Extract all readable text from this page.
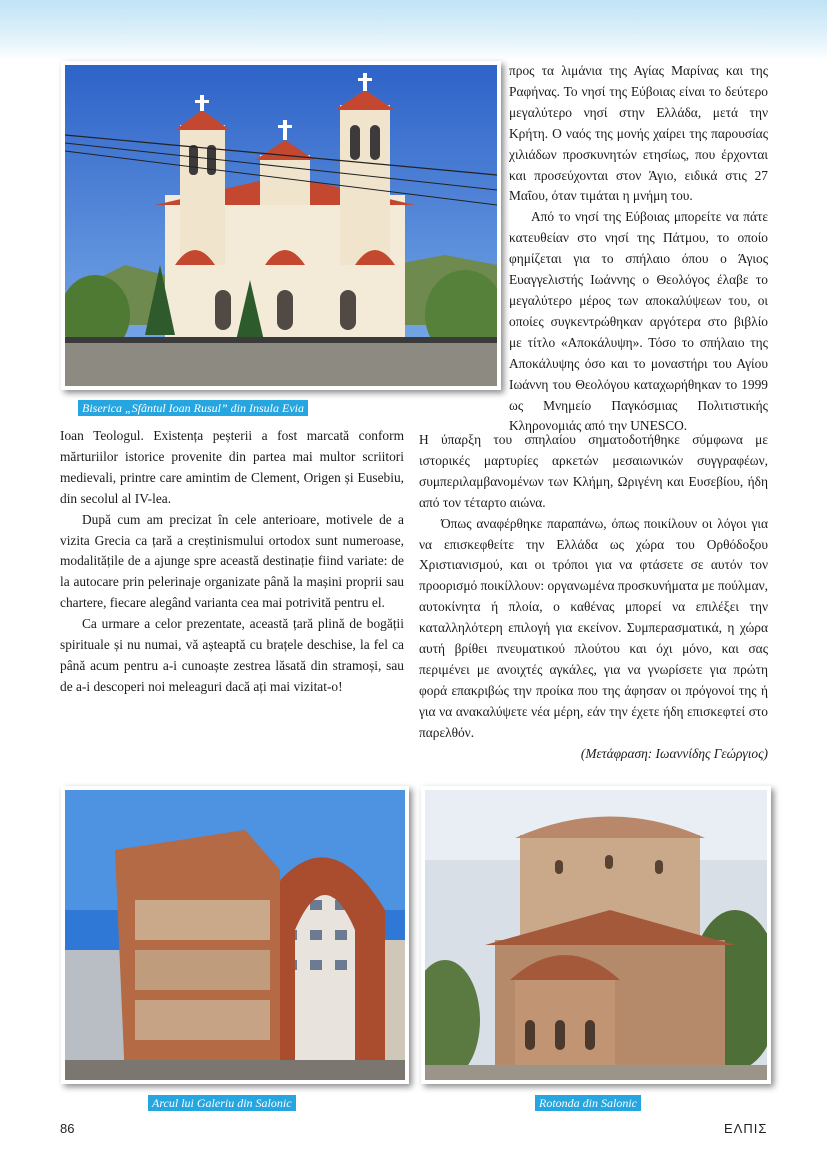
Biserica „Sfântul Ioan Rusul” din Insula Evia

προς τα λιμάνια της Αγίας Μαρίνας και της Ραφήνας. Το νησί της Εύβοιας είναι το δεύτερο μεγαλύτερο νησί στην Ελλάδα, μετά την Κρήτη. Ο ναός της μονής χαίρει της παρουσίας χιλιάδων προσκυνητών ετησίως, που έρχονται και προσεύχονται στον Άγιο, ειδικά στις 27 Μαΐου, όταν τιμάται η μνήμη του.

Από το νησί της Εύβοιας μπορείτε να πάτε κατευθείαν στο νησί της Πάτμου, το οποίο φημίζεται για το σπήλαιο όπου ο Άγιος Ευαγγελιστής Ιωάννης ο Θεολόγος έλαβε το μεγαλύτερο μέρος των αποκαλύψεων του, οι οποίες συγκεντρώθηκαν αργότερα στο βιβλίο με τίτλο «Αποκάλυψη». Τόσο το σπήλαιο της Αποκάλυψης όσο και το μοναστήρι του Αγίου Ιωάννη του Θεολόγου καταχωρήθηκαν το 1999 ως Μνημείο Παγκόσμιας Πολιτιστικής Κληρονομιάς από την UNESCO.

Η ύπαρξη του σπηλαίου σηματοδοτήθηκε σύμφωνα με ιστορικές μαρτυρίες αρκετών μεσαιωνικών συγγραφέων, συμπεριλαμβανομένων των Κλήμη, Ωριγένη και Ευσεβίου, ήδη από τον τέταρτο αιώνα.

Όπως αναφέρθηκε παραπάνω, όπως ποικίλουν οι λόγοι για να επισκεφθείτε την Ελλάδα ως χώρα του Ορθόδοξου Χριστιανισμού, και οι τρόποι για να φτάσετε σε αυτόν τον προορισμό ποικίλλουν: οργανωμένα προσκυνήματα με πούλμαν, αυτοκίνητα ή πλοία, ο καθένας μπορεί να επιλέξει την καταλληλότερη επιλογή για εκείνον. Συμπερασματικά, η χώρα αυτή βρίθει πνευματικού πλούτου και όχι μόνο, και σας περιμένει με ανοιχτές αγκάλες, για να γνωρίσετε για πρώτη φορά επακριβώς την προίκα που της άφησαν οι πρόγονοί της ή για να ανακαλύψετε νέα μέρη, εάν την έχετε ήδη επισκεφτεί στο παρελθόν.

(Μετάφραση: Ιωαννίδης Γεώργιος)

Ioan Teologul. Existența peșterii a fost marcată conform mărturiilor istorice provenite din partea mai multor scriitori medievali, printre care amintim de Clement, Origen și Eusebiu, din secolul al IV-lea.

După cum am precizat în cele anterioare, motivele de a vizita Grecia ca țară a creștinismului ortodox sunt numeroase, modalitățile de a ajunge spre această destinație fiind variate: de la autocare prin pelerinaje organizate până la mașini proprii sau chartere, fiecare alegând varianta cea mai potrivită pentru el.

Ca urmare a celor prezentate, această țară plină de bogății spirituale și nu numai, vă așteaptă cu brațele deschise, la fel ca până acum pentru a-i cunoaște zestrea lăsată din stramoși, sau de a-i descoperi noi meleaguri dacă ați mai vizitat-o!

Arcul lui Galeriu din Salonic	Rotonda din Salonic
86	ΕΛΠΙΣ
